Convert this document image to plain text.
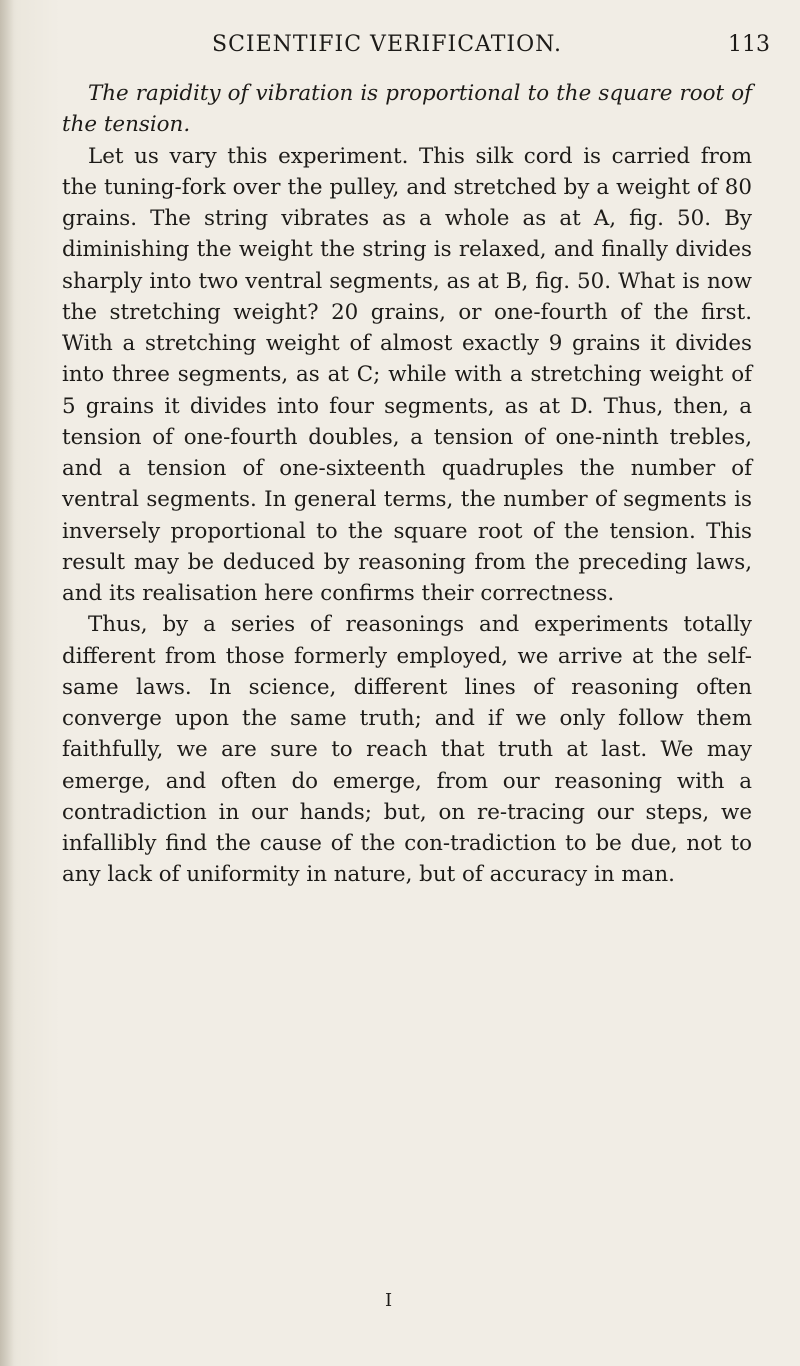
SCIENTIFIC VERIFICATION.	113

The rapidity of vibration is proportional to the square root of the tension.

Let us vary this experiment. This silk cord is carried from the tuning-fork over the pulley, and stretched by a weight of 80 grains. The string vibrates as a whole as at A, fig. 50. By diminishing the weight the string is relaxed, and finally divides sharply into two ventral segments, as at B, fig. 50. What is now the stretching weight? 20 grains, or one-fourth of the first. With a stretching weight of almost exactly 9 grains it divides into three segments, as at C; while with a stretching weight of 5 grains it divides into four segments, as at D. Thus, then, a tension of one-fourth doubles, a tension of one-ninth trebles, and a tension of one-sixteenth quadruples the number of ventral segments. In general terms, the number of segments is inversely proportional to the square root of the tension. This result may be deduced by reasoning from the preceding laws, and its realisation here confirms their correctness.

Thus, by a series of reasonings and experiments totally different from those formerly employed, we arrive at the self-same laws. In science, different lines of reasoning often converge upon the same truth; and if we only follow them faithfully, we are sure to reach that truth at last. We may emerge, and often do emerge, from our reasoning with a contradiction in our hands; but, on re-tracing our steps, we infallibly find the cause of the con-tradiction to be due, not to any lack of uniformity in nature, but of accuracy in man.

I
